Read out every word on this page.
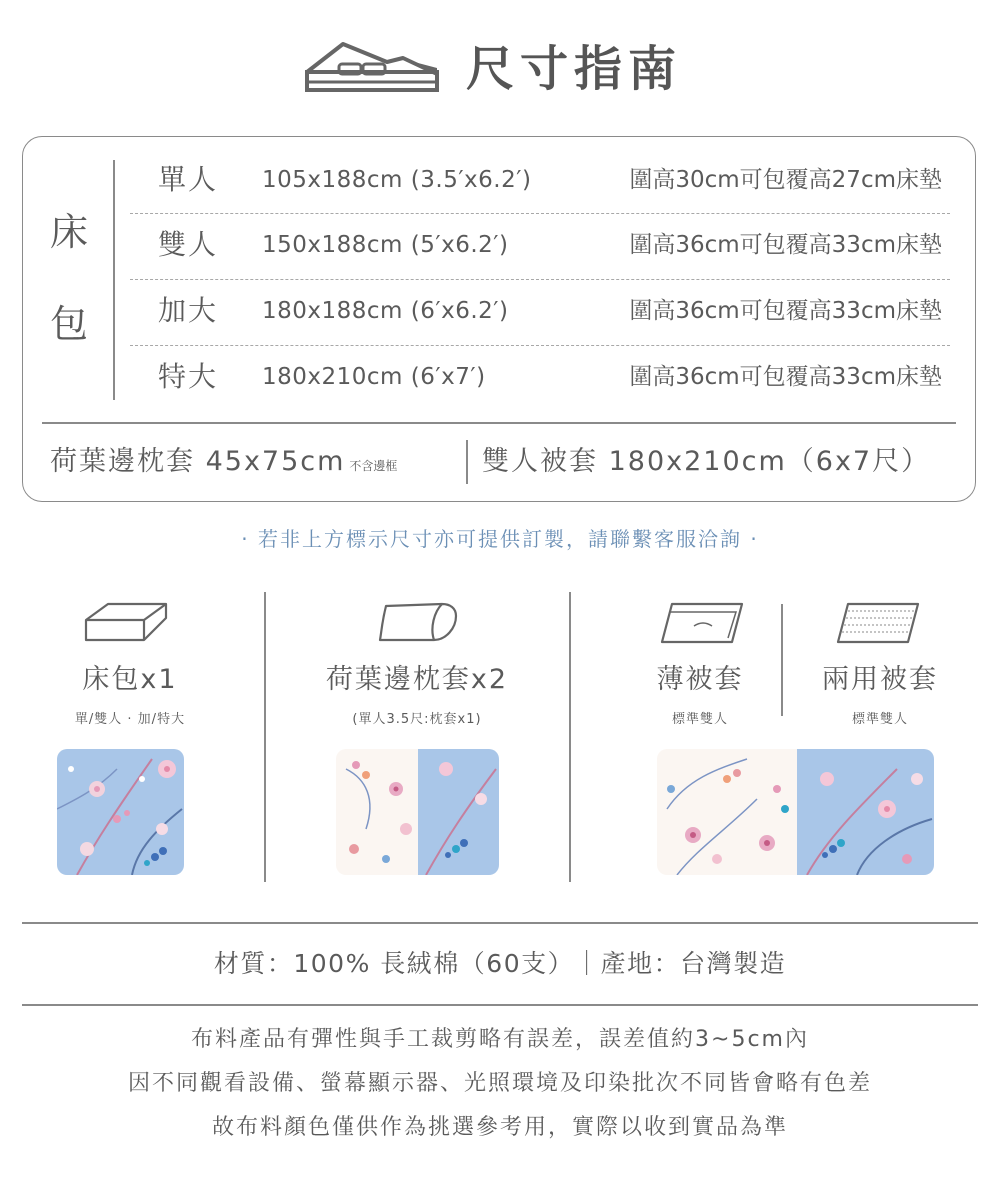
尺寸指南
床
包
單人 105x188cm (3.5′x6.2′)	圍高30cm可包覆高27cm床墊
雙人 150x188cm (5′x6.2′)	圍高36cm可包覆高33cm床墊
加大 180x188cm (6′x6.2′)	圍高36cm可包覆高33cm床墊
特大 180x210cm (6′x7′)	圍高36cm可包覆高33cm床墊
荷葉邊枕套 45x75cm 不含邊框	雙人被套 180x210cm（6x7尺）
· 若非上方標示尺寸亦可提供訂製，請聯繫客服洽詢 ·
床包x1
單/雙人 · 加/特大
荷葉邊枕套x2
(單人3.5尺:枕套x1)
薄被套
標準雙人
兩用被套
標準雙人
材質：100% 長絨棉（60支）｜產地：台灣製造
布料產品有彈性與手工裁剪略有誤差，誤差值約3~5cm內
因不同觀看設備、螢幕顯示器、光照環境及印染批次不同皆會略有色差
故布料顏色僅供作為挑選參考用，實際以收到實品為準
